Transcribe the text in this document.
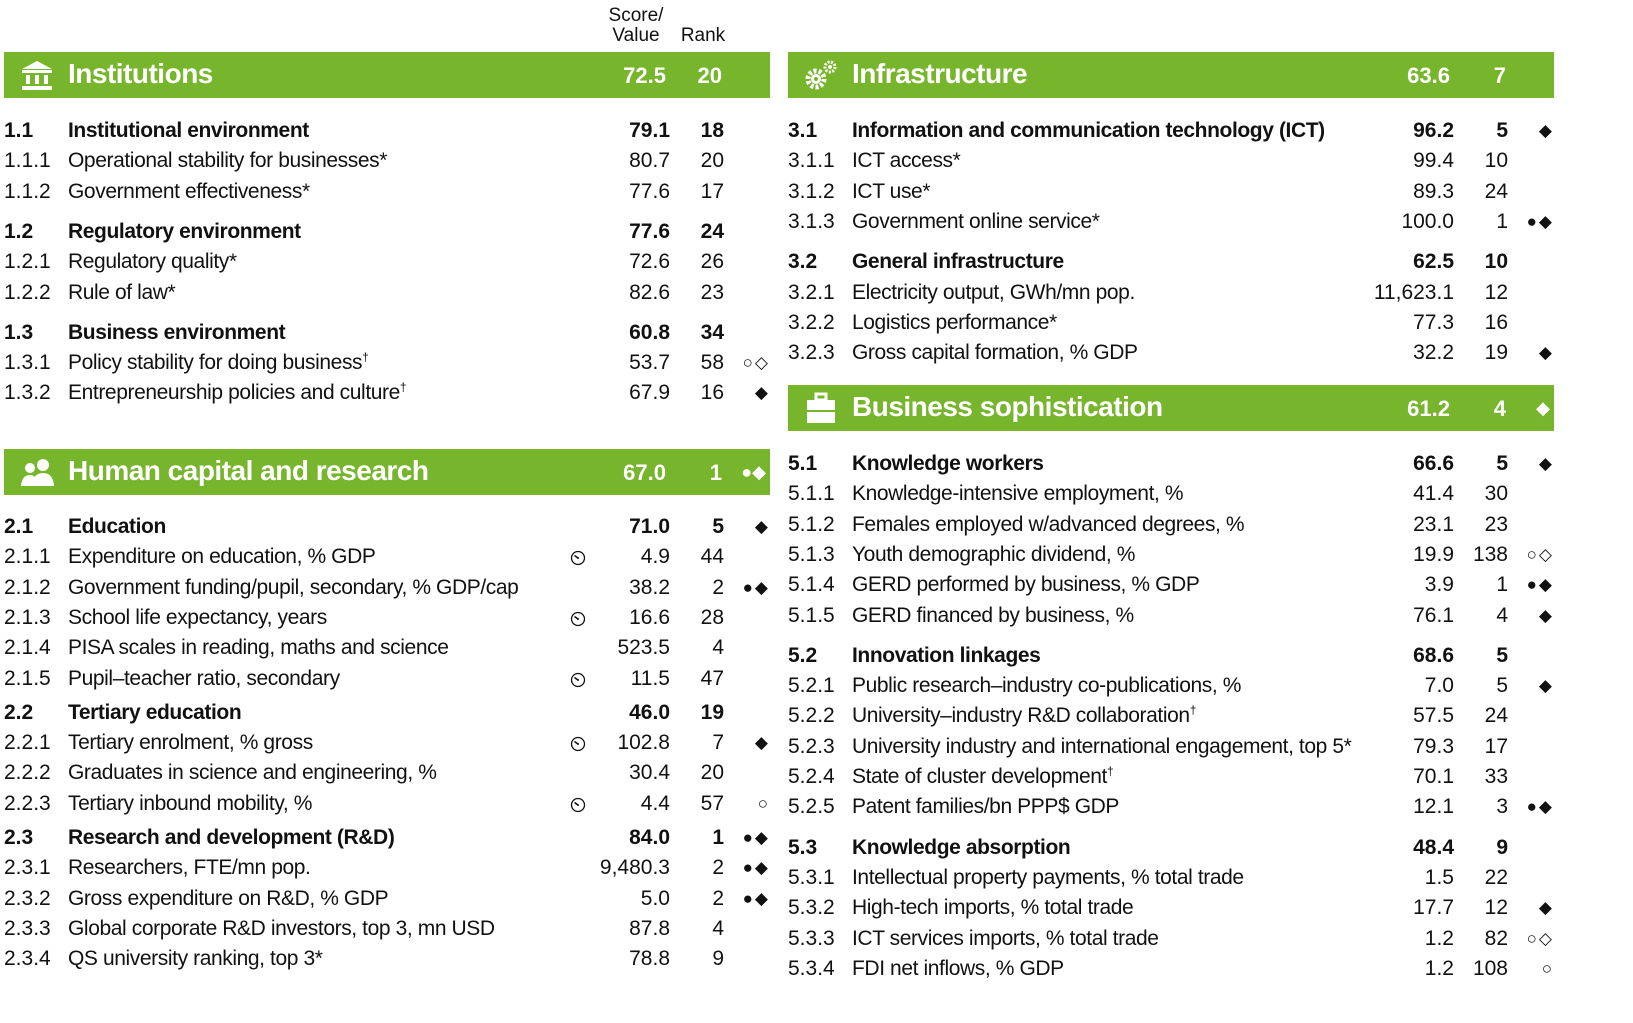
Score/
Value	Rank
Institutions	72.5 20
1.1 Institutional environment	79.1 18
1.1.1 Operational stability for businesses*	80.7 20
1.1.2 Government effectiveness*	77.6 17
1.2 Regulatory environment	77.6 24
1.2.1 Regulatory quality*	72.6 26
1.2.2 Rule of law*	82.6 23
1.3 Business environment	60.8 34
1.3.1 Policy stability for doing business†	53.7 58	○◇
1.3.2 Entrepreneurship policies and culture†	67.9 16	◆
Human capital and research	67.0 1	●◆
2.1 Education	71.0 5	◆
2.1.1 Expenditure on education, % GDP	4.9 44
2.1.2 Government funding/pupil, secondary, % GDP/cap	38.2 2	●◆
2.1.3 School life expectancy, years	16.6 28
2.1.4 PISA scales in reading, maths and science	523.5 4
2.1.5 Pupil–teacher ratio, secondary	11.5 47
2.2 Tertiary education	46.0 19
2.2.1 Tertiary enrolment, % gross	102.8 7	◆
2.2.2 Graduates in science and engineering, %	30.4 20
2.2.3 Tertiary inbound mobility, %	4.4 57	○
2.3 Research and development (R&D)	84.0 1	●◆
2.3.1 Researchers, FTE/mn pop.	9,480.3 2	●◆
2.3.2 Gross expenditure on R&D, % GDP	5.0 2	●◆
2.3.3 Global corporate R&D investors, top 3, mn USD	87.8 4
2.3.4 QS university ranking, top 3*	78.8 9
Infrastructure	63.6 7
3.1 Information and communication technology (ICT)	96.2 5	◆
3.1.1 ICT access*	99.4 10
3.1.2 ICT use*	89.3 24
3.1.3 Government online service*	100.0 1	●◆
3.2 General infrastructure	62.5 10
3.2.1 Electricity output, GWh/mn pop.	11,623.1 12
3.2.2 Logistics performance*	77.3 16
3.2.3 Gross capital formation, % GDP	32.2 19	◆
Business sophistication	61.2 4	◆
5.1 Knowledge workers	66.6 5	◆
5.1.1 Knowledge-intensive employment, %	41.4 30
5.1.2 Females employed w/advanced degrees, %	23.1 23
5.1.3 Youth demographic dividend, %	19.9 138	○◇
5.1.4 GERD performed by business, % GDP	3.9 1	●◆
5.1.5 GERD financed by business, %	76.1 4	◆
5.2 Innovation linkages	68.6 5
5.2.1 Public research–industry co-publications, %	7.0 5	◆
5.2.2 University–industry R&D collaboration†	57.5 24
5.2.3 University industry and international engagement, top 5*	79.3 17
5.2.4 State of cluster development†	70.1 33
5.2.5 Patent families/bn PPP$ GDP	12.1 3	●◆
5.3 Knowledge absorption	48.4 9
5.3.1 Intellectual property payments, % total trade	1.5 22
5.3.2 High-tech imports, % total trade	17.7 12	◆
5.3.3 ICT services imports, % total trade	1.2 82	○◇
5.3.4 FDI net inflows, % GDP	1.2 108	○
